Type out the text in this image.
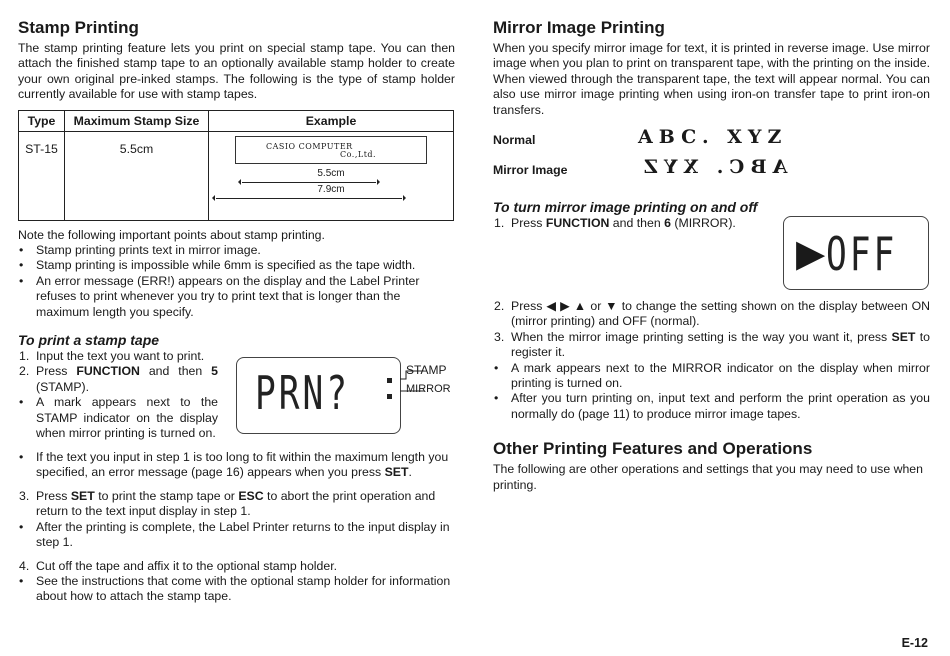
Stamp Printing

The stamp printing feature lets you print on special stamp tape. You can then attach the finished stamp tape to an optionally available stamp holder to create your own original pre-inked stamps. The following is the type of stamp holder currently available for use with stamp tapes.

Type	Maximum Stamp Size	Example
ST-15	5.5cm	CASIO COMPUTER
Co.,Ltd.
5.5cm
7.9cm

Note the following important points about stamp printing.

• Stamp printing prints text in mirror image.
• Stamp printing is impossible while 6mm is specified as the tape width.
• An error message (ERR!) appears on the display and the Label Printer refuses to print whenever you try to print text that is longer than the maximum length you specify.
To print a stamp tape
1. Input the text you want to print.
2. Press FUNCTION and then 5 (STAMP).
• A mark appears next to the STAMP indicator on the display when mirror printing is turned on.
PRN?	STAMP
MIRROR
• If the text you input in step 1 is too long to fit within the maximum length you specified, an error message (page 16) appears when you press SET.
3. Press SET to print the stamp tape or ESC to abort the print operation and return to the text input display in step 1.
• After the printing is complete, the Label Printer returns to the input display in step 1.
4. Cut off the tape and affix it to the optional stamp holder.
• See the instructions that come with the optional stamp holder for information about how to attach the stamp tape.
Mirror Image Printing

When you specify mirror image for text, it is printed in reverse image. Use mirror image when you plan to print on transparent tape, with the printing on the inside. When viewed through the transparent tape, the text will appear normal. You can also use mirror image printing when using iron-on transfer tape to print iron-on transfers.

Normal	ABC. XYZ
Mirror Image	ABC. XYZ
To turn mirror image printing on and off
1. Press FUNCTION and then 6 (MIRROR).
▶ OFF
2. Press ◀ ▶ ▲ or ▼ to change the setting shown on the display between ON (mirror printing) and OFF (normal).
3. When the mirror image printing setting is the way you want it, press SET to register it.
• A mark appears next to the MIRROR indicator on the display when mirror printing is turned on.
• After you turn printing on, input text and perform the print operation as you normally do (page 11) to produce mirror image tapes.
Other Printing Features and Operations

The following are other operations and settings that you may need to use when printing.

E-12
